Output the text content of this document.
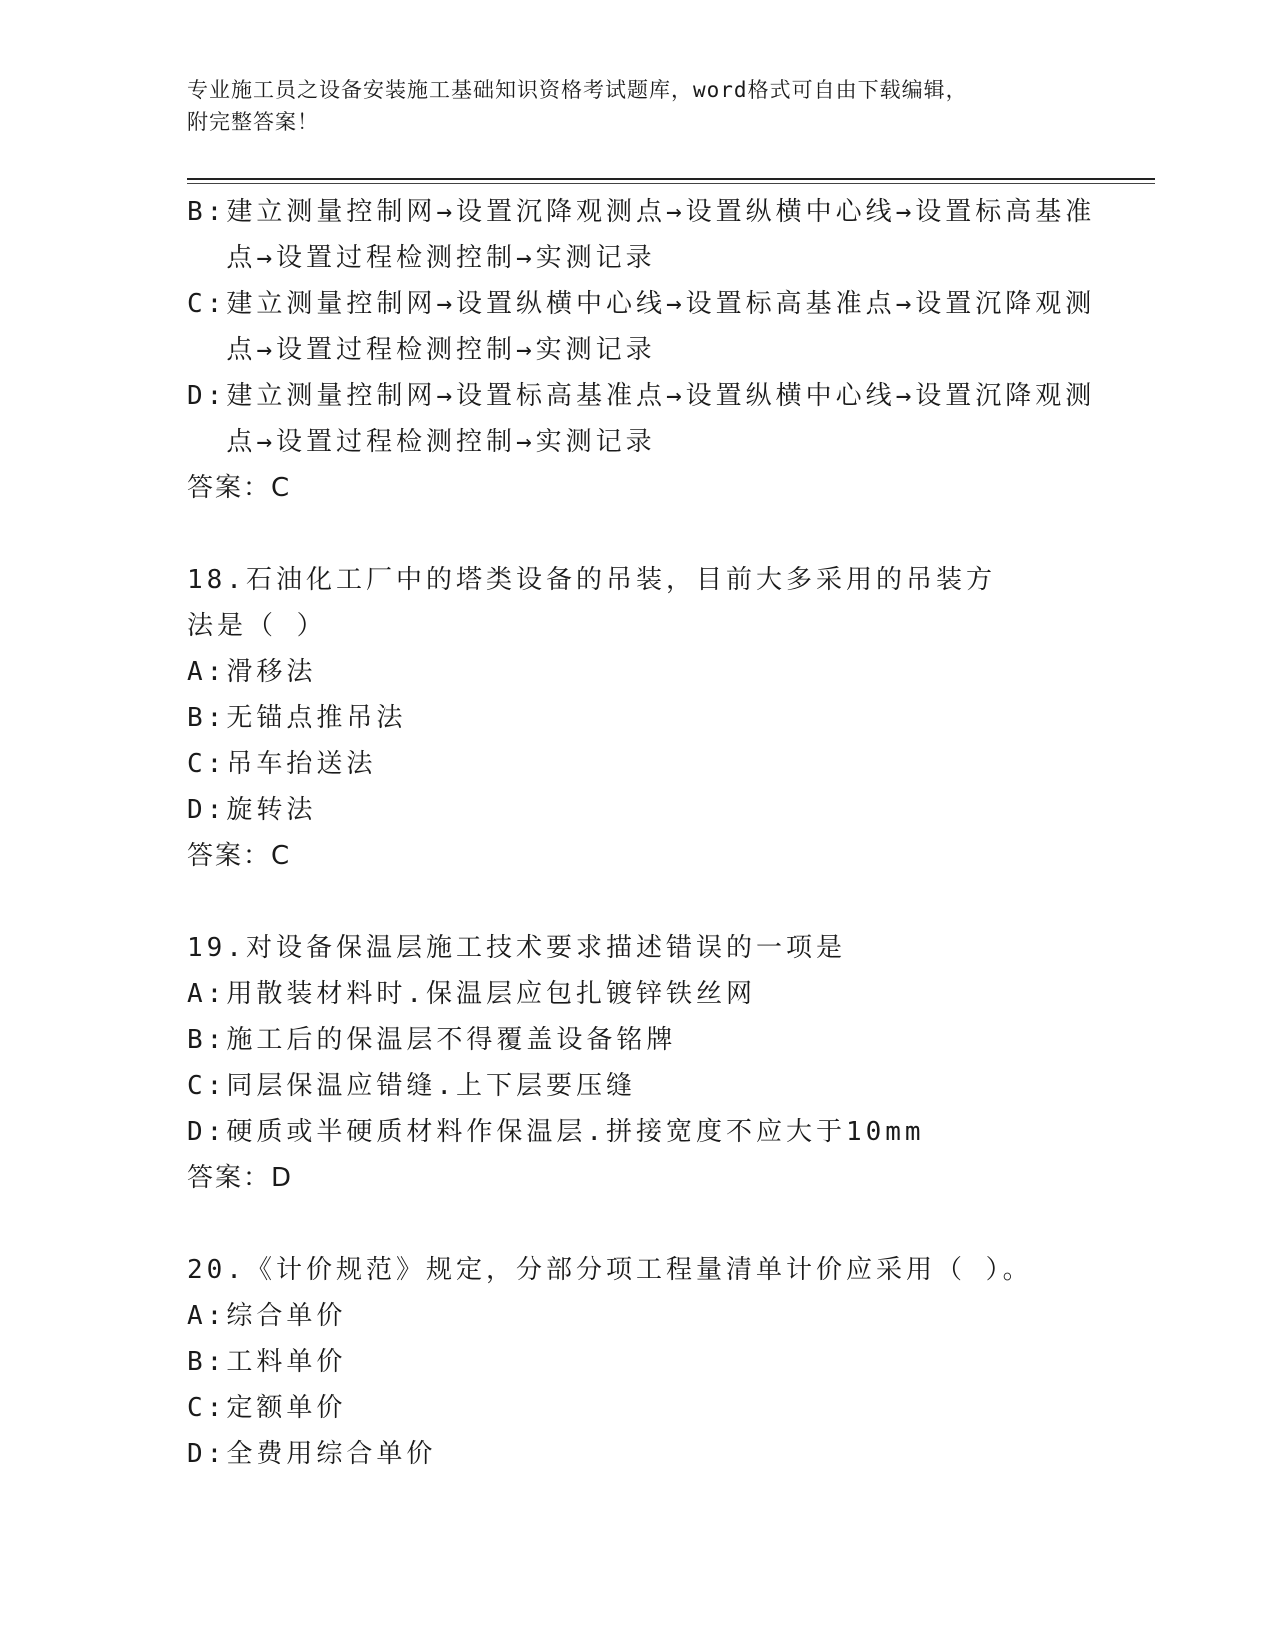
专业施工员之设备安装施工基础知识资格考试题库，word格式可自由下载编辑，
附完整答案！
B: 建立测量控制网→设置沉降观测点→设置纵横中心线→设置标高基准点→设置过程检测控制→实测记录
C: 建立测量控制网→设置纵横中心线→设置标高基准点→设置沉降观测点→设置过程检测控制→实测记录
D: 建立测量控制网→设置标高基准点→设置纵横中心线→设置沉降观测点→设置过程检测控制→实测记录
答案：C
18.石油化工厂中的塔类设备的吊装，目前大多采用的吊装方法是（ ）
A: 滑移法
B: 无锚点推吊法
C: 吊车抬送法
D: 旋转法
答案：C
19.对设备保温层施工技术要求描述错误的一项是
A: 用散装材料时.保温层应包扎镀锌铁丝网
B: 施工后的保温层不得覆盖设备铭牌
C: 同层保温应错缝.上下层要压缝
D: 硬质或半硬质材料作保温层.拼接宽度不应大于10mm
答案：D
20.《计价规范》规定，分部分项工程量清单计价应采用（ ）。
A: 综合单价
B: 工料单价
C: 定额单价
D: 全费用综合单价
